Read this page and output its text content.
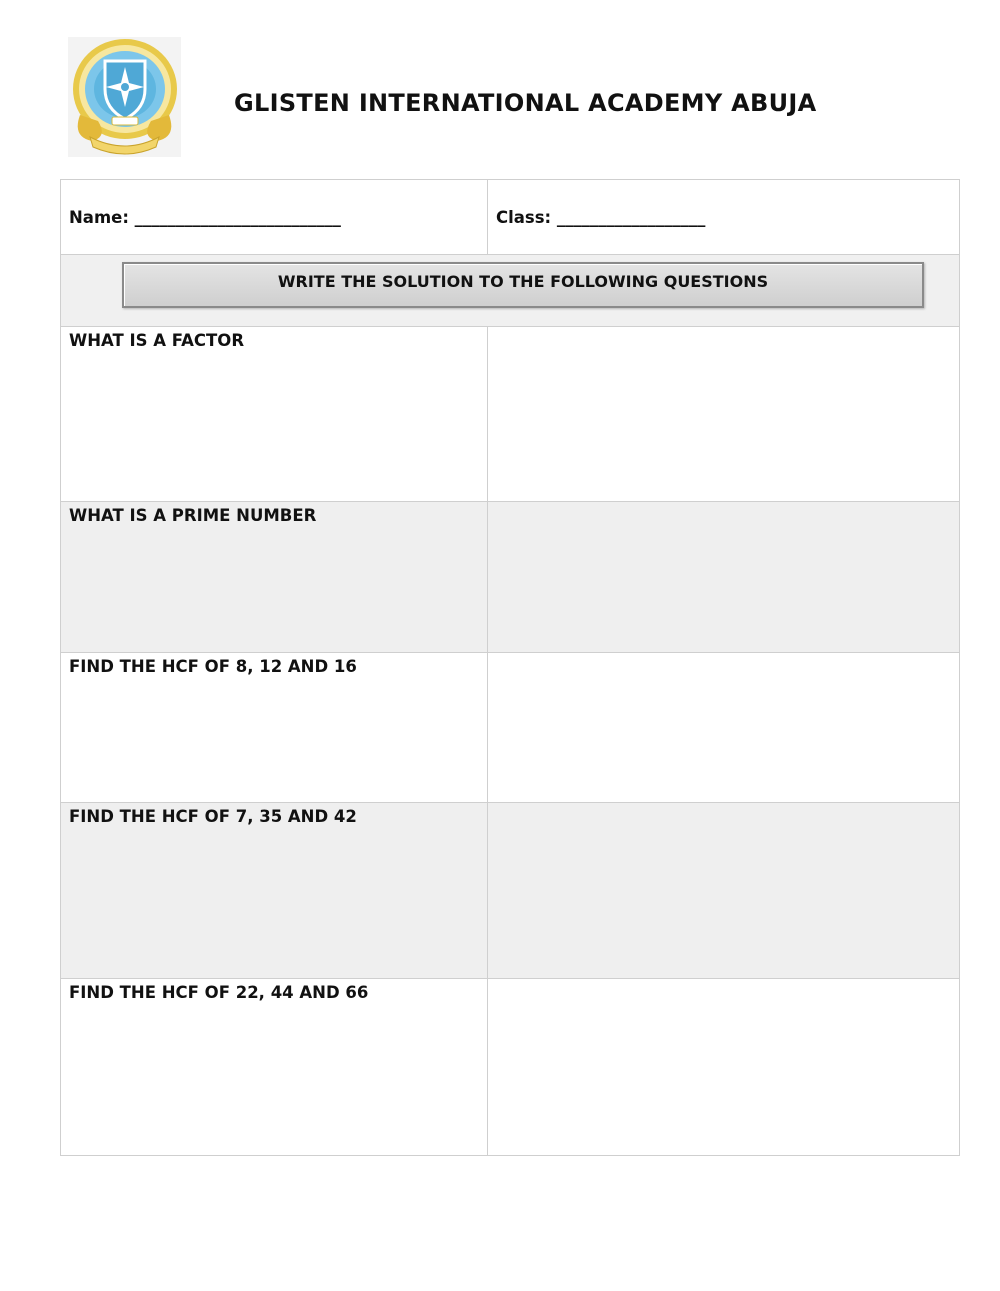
GLISTEN INTERNATIONAL ACADEMY ABUJA
Name: _________________________	Class: __________________

WRITE THE SOLUTION TO THE FOLLOWING QUESTIONS	

WHAT IS A FACTOR	

WHAT IS A PRIME NUMBER	

FIND THE HCF OF 8, 12 AND 16	

FIND THE HCF OF 7, 35 AND 42	

FIND THE HCF OF 22, 44 AND 66	
